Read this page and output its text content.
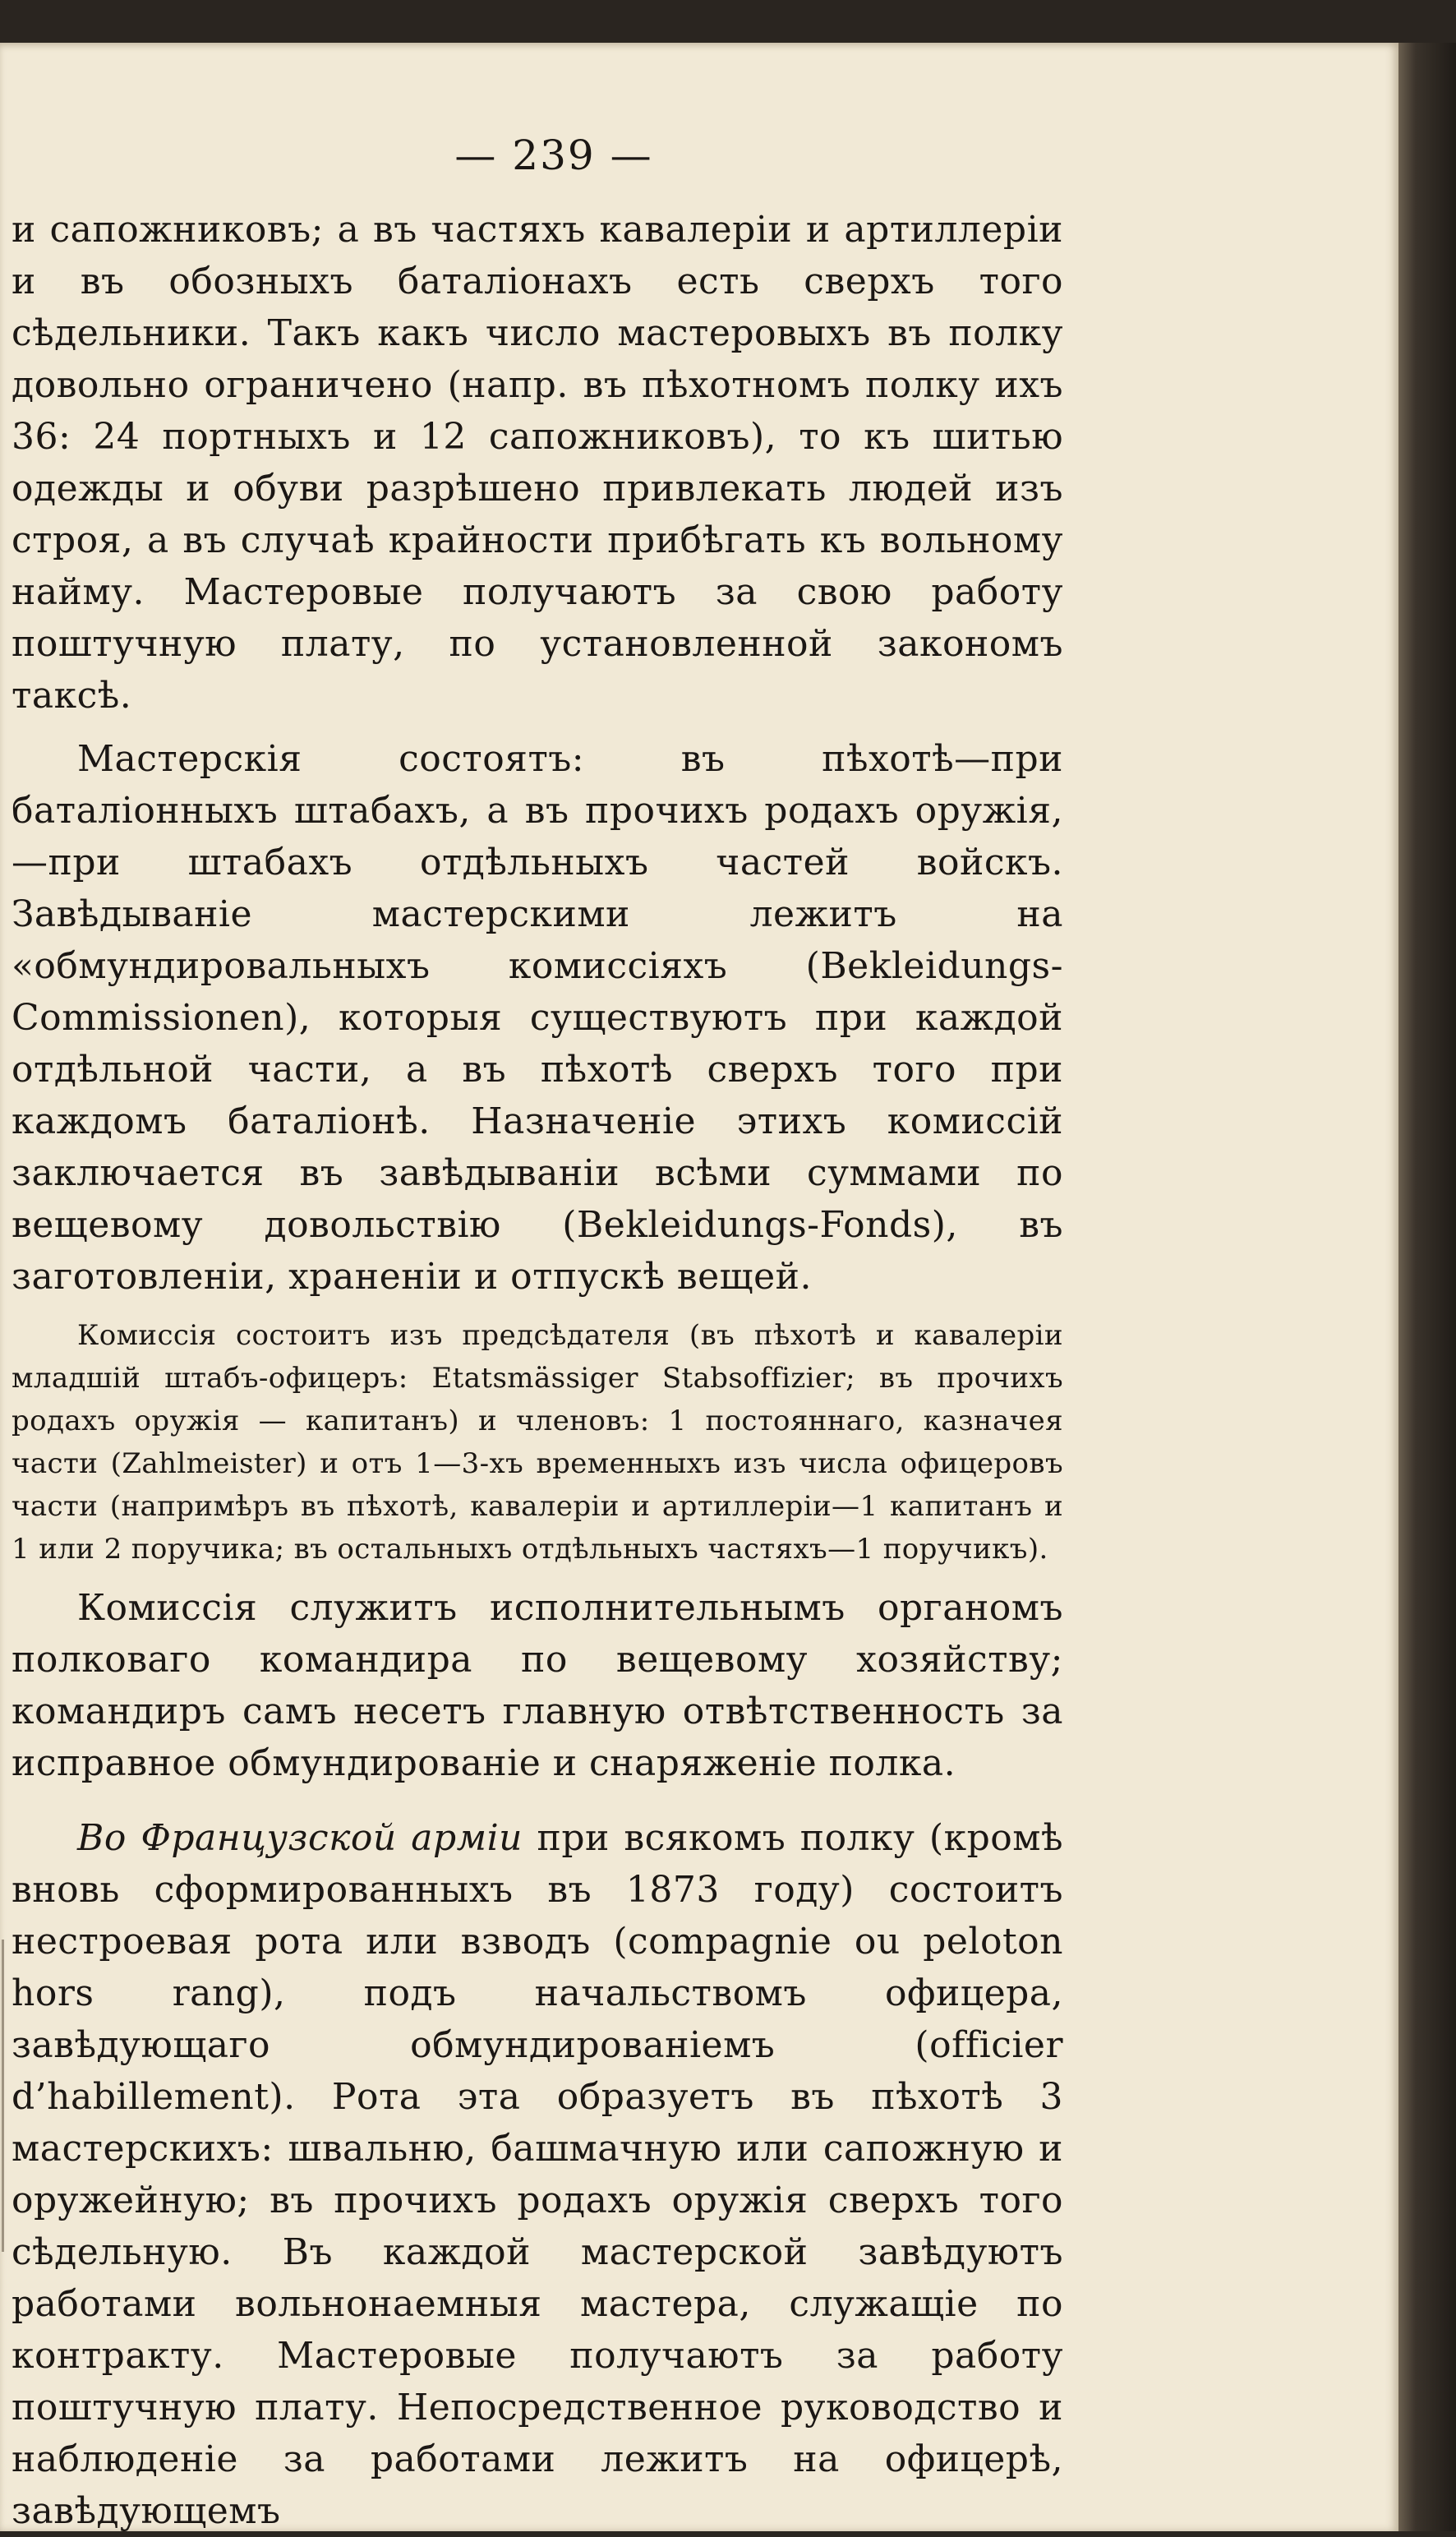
— 239 —

и сапожниковъ; а въ частяхъ кавалеріи и артиллеріи и въ обозныхъ баталіонахъ есть сверхъ того сѣдельники. Такъ какъ число мастеровыхъ въ полку довольно ограничено (напр. въ пѣхотномъ полку ихъ 36: 24 портныхъ и 12 сапожниковъ), то къ шитью одежды и обуви разрѣшено привлекать людей изъ строя, а въ случаѣ крайности прибѣгать къ вольному найму. Мастеровые получаютъ за свою работу поштучную плату, по установленной закономъ таксѣ.

Мастерскія состоятъ: въ пѣхотѣ—при баталіонныхъ штабахъ, а въ прочихъ родахъ оружія,—при штабахъ отдѣльныхъ частей войскъ. Завѣдываніе мастерскими лежитъ на «обмундировальныхъ комиссіяхъ (Bekleidungs-Commissionen), которыя существуютъ при каждой отдѣльной части, а въ пѣхотѣ сверхъ того при каждомъ баталіонѣ. Назначеніе этихъ комиссій заключается въ завѣдываніи всѣми суммами по вещевому довольствію (Bekleidungs-Fonds), въ заготовленіи, храненіи и отпускѣ вещей.

Комиссія состоитъ изъ предсѣдателя (въ пѣхотѣ и кавалеріи младшій штабъ-офицеръ: Etatsmässiger Stabsoffizier; въ прочихъ родахъ оружія — капитанъ) и членовъ: 1 постояннаго, казначея части (Zahlmeister) и отъ 1—3-хъ временныхъ изъ числа офицеровъ части (напримѣръ въ пѣхотѣ, кавалеріи и артиллеріи—1 капитанъ и 1 или 2 поручика; въ остальныхъ отдѣльныхъ частяхъ—1 поручикъ).

Комиссія служитъ исполнительнымъ органомъ полковаго командира по вещевому хозяйству; командиръ самъ несетъ главную отвѣтственность за исправное обмундированіе и снаряженіе полка.

Во Французской арміи при всякомъ полку (кромѣ вновь сформированныхъ въ 1873 году) состоитъ нестроевая рота или взводъ (compagnie ou peloton hors rang), подъ начальствомъ офицера, завѣдующаго обмундированіемъ (officier d’habillement). Рота эта образуетъ въ пѣхотѣ 3 мастерскихъ: швальню, башмачную или сапожную и оружейную; въ прочихъ родахъ оружія сверхъ того сѣдельную. Въ каждой мастерской завѣдуютъ работами вольнонаемныя мастера, служащіе по контракту. Мастеровые получаютъ за работу поштучную плату. Непосредственное руководство и наблюденіе за работами лежитъ на офицерѣ, завѣдующемъ
